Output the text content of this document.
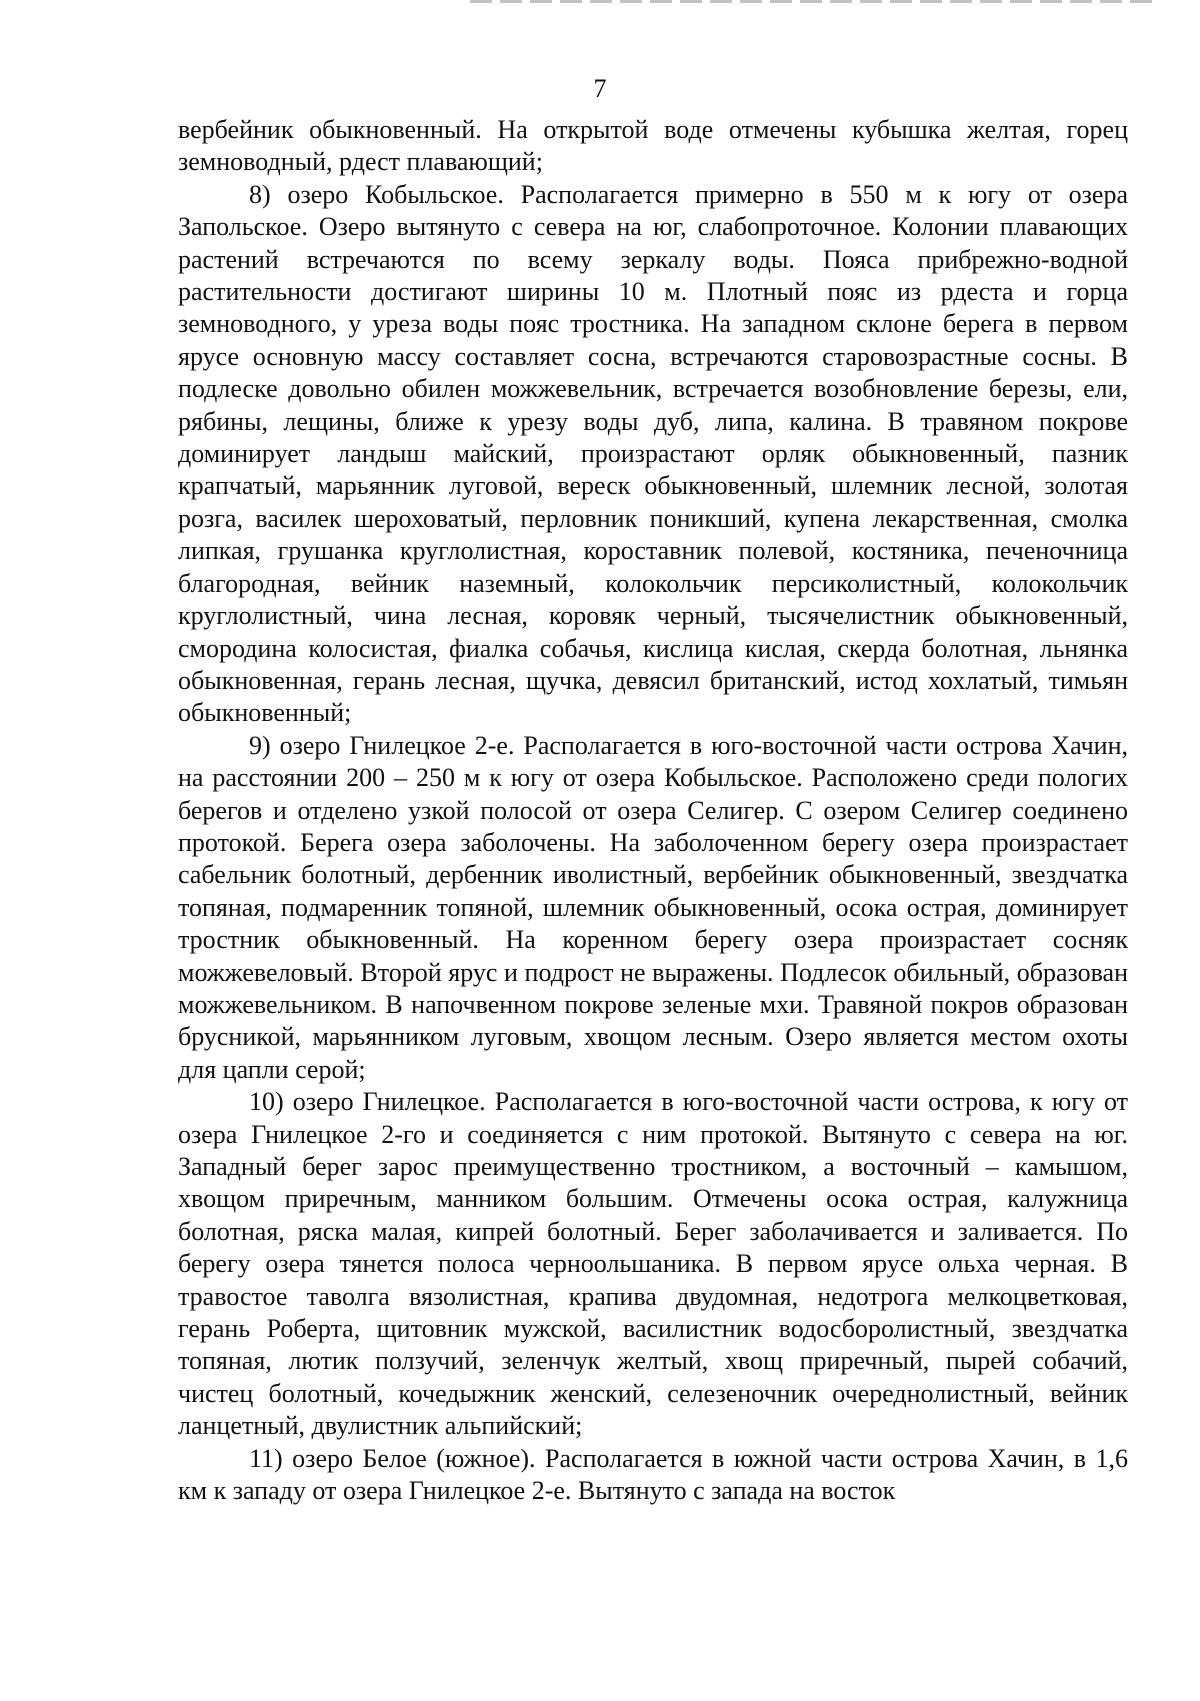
7

вербейник обыкновенный. На открытой воде отмечены кубышка желтая, горец земноводный, рдест плавающий;

8) озеро Кобыльское. Располагается примерно в 550 м к югу от озера Запольское. Озеро вытянуто с севера на юг, слабопроточное. Колонии плавающих растений встречаются по всему зеркалу воды. Пояса прибрежно-водной растительности достигают ширины 10 м. Плотный пояс из рдеста и горца земноводного, у уреза воды пояс тростника. На западном склоне берега в первом ярусе основную массу составляет сосна, встречаются старовозрастные сосны. В подлеске довольно обилен можжевельник, встречается возобновление березы, ели, рябины, лещины, ближе к урезу воды дуб, липа, калина. В травяном покрове доминирует ландыш майский, произрастают орляк обыкновенный, пазник крапчатый, марьянник луговой, вереск обыкновенный, шлемник лесной, золотая розга, василек шероховатый, перловник поникший, купена лекарственная, смолка липкая, грушанка круглолистная, короставник полевой, костяника, печеночница благородная, вейник наземный, колокольчик персиколистный, колокольчик круглолистный, чина лесная, коровяк черный, тысячелистник обыкновенный, смородина колосистая, фиалка собачья, кислица кислая, скерда болотная, льнянка обыкновенная, герань лесная, щучка, девясил британский, истод хохлатый, тимьян обыкновенный;

9) озеро Гнилецкое 2-е. Располагается в юго-восточной части острова Хачин, на расстоянии 200 – 250 м к югу от озера Кобыльское. Расположено среди пологих берегов и отделено узкой полосой от озера Селигер. С озером Селигер соединено протокой. Берега озера заболочены. На заболоченном берегу озера произрастает сабельник болотный, дербенник иволистный, вербейник обыкновенный, звездчатка топяная, подмаренник топяной, шлемник обыкновенный, осока острая, доминирует тростник обыкновенный. На коренном берегу озера произрастает сосняк можжевеловый. Второй ярус и подрост не выражены. Подлесок обильный, образован можжевельником. В напочвенном покрове зеленые мхи. Травяной покров образован брусникой, марьянником луговым, хвощом лесным. Озеро является местом охоты для цапли серой;

10) озеро Гнилецкое. Располагается в юго-восточной части острова, к югу от озера Гнилецкое 2-го и соединяется с ним протокой. Вытянуто с севера на юг. Западный берег зарос преимущественно тростником, а восточный – камышом, хвощом приречным, манником большим. Отмечены осока острая, калужница болотная, ряска малая, кипрей болотный. Берег заболачивается и заливается. По берегу озера тянется полоса черноольшаника. В первом ярусе ольха черная. В травостое таволга вязолистная, крапива двудомная, недотрога мелкоцветковая, герань Роберта, щитовник мужской, василистник водосборолистный, звездчатка топяная, лютик ползучий, зеленчук желтый, хвощ приречный, пырей собачий, чистец болотный, кочедыжник женский, селезеночник очереднолистный, вейник ланцетный, двулистник альпийский;

11) озеро Белое (южное). Располагается в южной части острова Хачин, в 1,6 км к западу от озера Гнилецкое 2-е. Вытянуто с запада на восток
